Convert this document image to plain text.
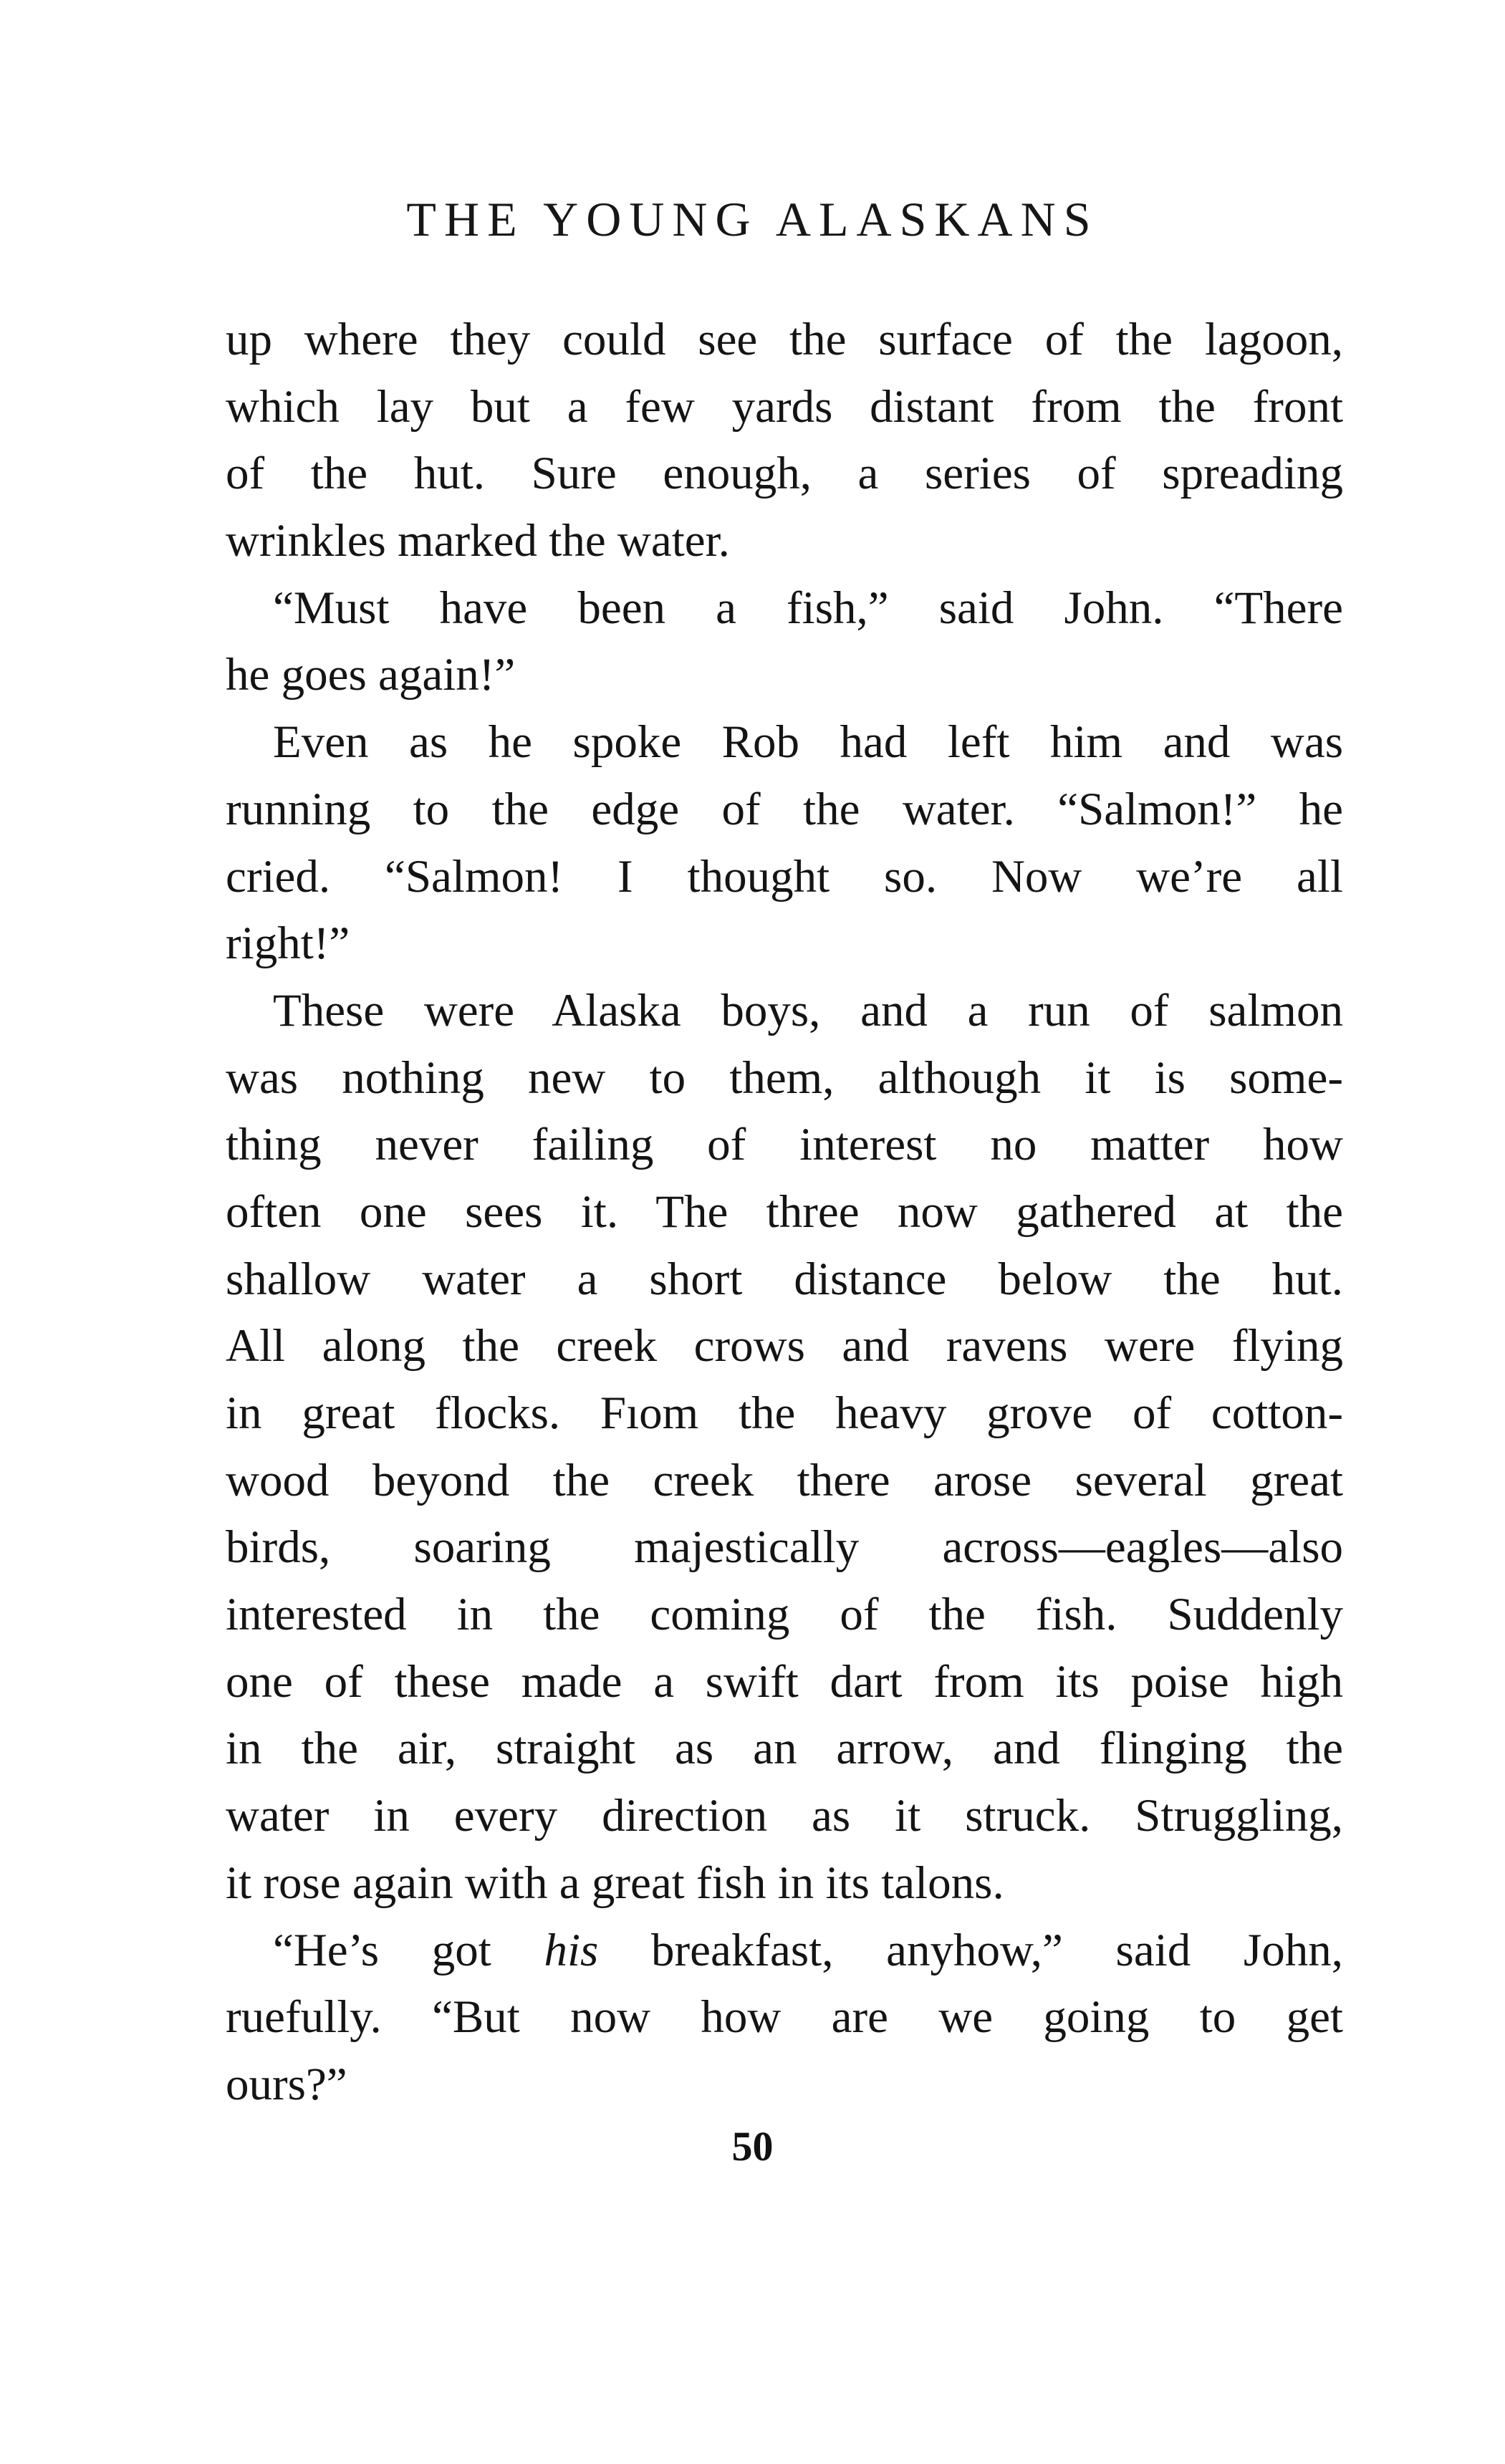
THE YOUNG ALASKANS
up where they could see the surface of the lagoon,
which lay but a few yards distant from the front
of the hut. Sure enough, a series of spreading
wrinkles marked the water.
“Must have been a fish,” said John. “There
he goes again!”
Even as he spoke Rob had left him and was
running to the edge of the water. “Salmon!” he
cried. “Salmon! I thought so. Now we’re all
right!”
These were Alaska boys, and a run of salmon
was nothing new to them, although it is some-
thing never failing of interest no matter how
often one sees it. The three now gathered at the
shallow water a short distance below the hut.
All along the creek crows and ravens were flying
in great flocks. Fıom the heavy grove of cotton-
wood beyond the creek there arose several great
birds, soaring majestically across—eagles—also
interested in the coming of the fish. Suddenly
one of these made a swift dart from its poise high
in the air, straight as an arrow, and flinging the
water in every direction as it struck. Struggling,
it rose again with a great fish in its talons.
“He’s got his breakfast, anyhow,” said John,
ruefully. “But now how are we going to get
ours?”
50
